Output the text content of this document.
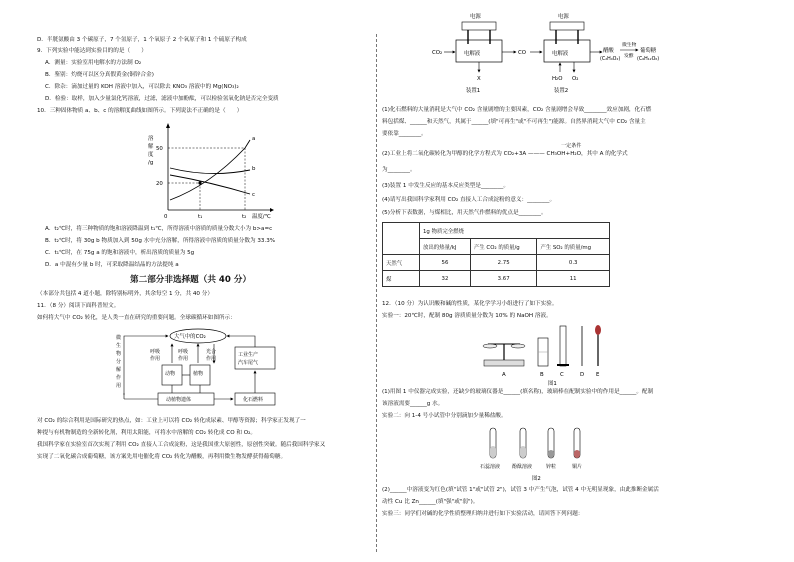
D．半胱氨酸由 3 个碳原子，7 个氢原子，1 个氧原子 2 个氧原子和 1 个硫原子构成
9．下列实验中能达到实验目的的是（　　）
A．测量：实验室用电解水的方法制 O₂
B．鉴别：灼烧可以区分真假黄金(铜锌合金)
C．除杂：滴加过量的 KOH 溶液中加入，可以除去 KNO₃ 溶液中的 Mg(NO₃)₂
D．检验：取样，加入少量氯化钙溶液，过滤，滤液中加酚酞，可以检验氢氧化钠是否完全变质
10．三种固体物质 a、b、c 的溶解度曲线如图所示。下列说法不正确的是（　　）
溶
解
度
/g
50
20
0	t₁	t₂ 温度/℃
a
b
c
A．t₂℃时，将三种物质的饱和溶液降温到 t₁℃，所得溶液中溶质的质量分数大小为 b>a=c
B．t₂℃时，将 30g b 物质加入到 50g 水中充分溶解，所得溶液中溶质的质量分数为 33.3%
C．t₁℃时，在 75g a 的饱和溶液中，析出溶质的质量为 5g
D．a 中混有少量 b 时，可采取降温结晶的方法提纯 a
第二部分非选择题（共 40 分）
（本部分共包括 4 道小题，除特别标明外，其余每空 1 分，共 40 分）
11．（8 分）阅读下面科普短文。
如何将大气中 CO₂ 转化，是人类一直在研究的重要问题。全球碳循环如图所示：
大气中的CO₂
微
生
物
分
解
作
用
呼吸
作用
呼吸
作用
光合
作用
动物	植物
工业生产
汽车尾气
动植物遗体	化石燃料
对 CO₂ 的综合利用是国际研究的热点，如：工业上可以将 CO₂ 转化成尿素、甲醇等资源；科学家正发现了一
种提与有机物制造的全新转化剂，利用太阳能，可将水中溶解的 CO₂ 转化成 CO 和 O₂。
我国科学家在实验室首次实现了利用 CO₂ 直接人工合成淀粉，这是我国重大原创性，原创性突破。随后我国科学家又
实现了二氧化碳合成葡萄糖，该方案先用电催化将 CO₂ 转化为醋酸，再利用微生物发酵获得葡萄糖。
电源
电解液
CO₂
X
装置1
CO
电源
电解液
H₂O O₂
装置2
醋酸
(C₂H₄O₂)
微生物
发酵
葡萄糖
(C₆H₁₂O₆)
(1)化石燃料的大量消耗是大气中 CO₂ 含量剧增的主要因素，CO₂ 含量剧增会导致________效应加剧，化石燃
料包括煤、______和天然气，其属于______(填"可再生"或"不可再生")能源。自然界消耗大气中 CO₂ 含量主
要依靠________。
一定条件
(2)工业上将二氧化碳转化为甲醇的化学方程式为 CO₂+3A ——— CH₃OH+H₂O，其中 A 的化学式
为________。
(3)装置 1 中发生反应的基本反应类型是________。
(4)请写出我国科学家利用 CO₂ 直接人工合成淀粉的意义：________。
(5)分析下表数据，与煤相比，用天然气作燃料的优点是________。
	1g 物质完全燃烧		
	放出的热量/kJ	产生 CO₂ 的质量/g	产生 SO₂ 的质量/mg
天然气	56	2.75	0.3
煤	32	3.67	11
12．（10 分）为认识酸和碱的性质，某化学学习小组进行了如下实验。
实验一：20℃时，配制 80g 溶质质量分数为 10% 的 NaOH 溶液。
A	B	C	D E
图1
(1)用图 1 中仪器完成实验，还缺少的玻璃仪器是______(填名称)，玻璃棒在配制实验中的作用是______。配制
该溶液需要______g 水。
实验二：向 1-4 号小试管中分别滴加少量稀盐酸。
石蕊溶液 酚酞溶液	锌粒	铜片
图2
(2)______中溶液变为红色(填"试管 1"或"试管 2")，试管 3 中产生气泡，试管 4 中无明显现象，由此推断金属活
动性 Cu 比 Zn______(填"强"或"弱")。
实验三：同学们对碱的化学性质整理归纳并进行如下实验活动，请回答下列问题：
